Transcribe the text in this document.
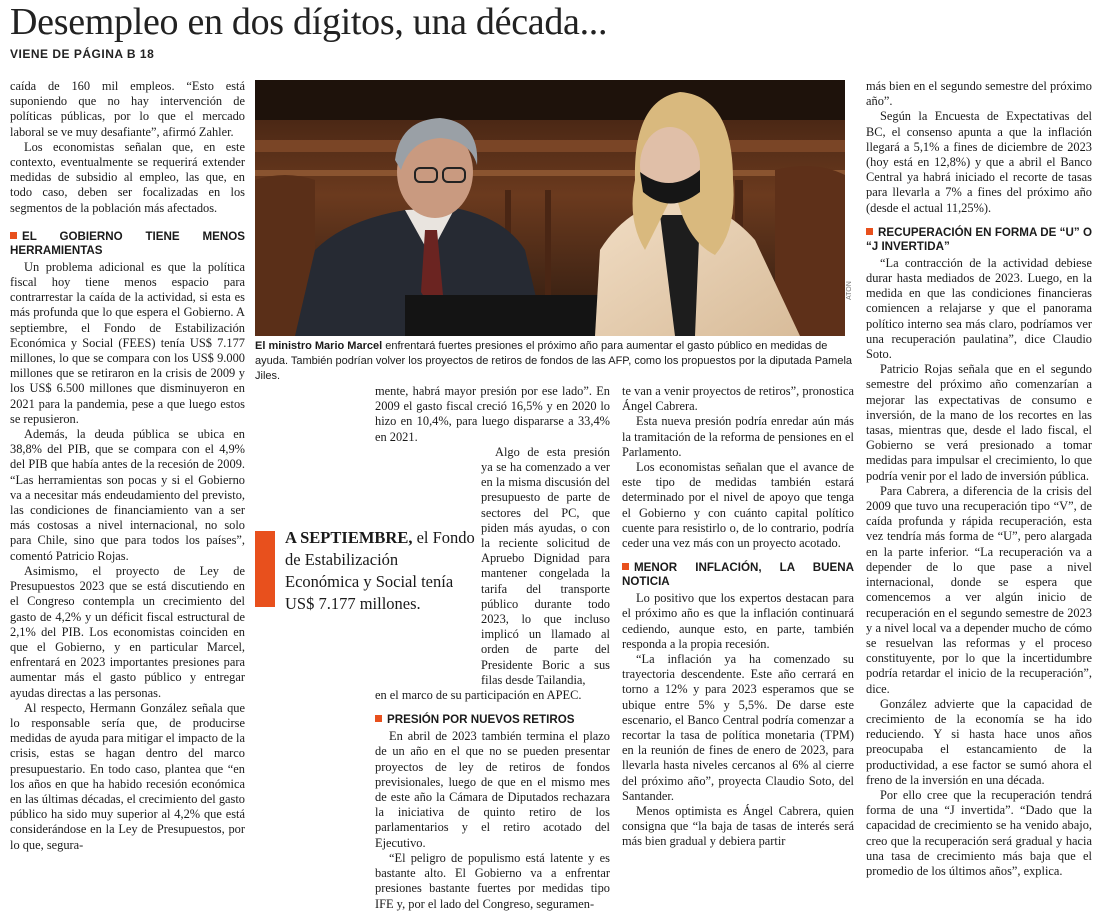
Desempleo en dos dígitos, una década...
VIENE DE PÁGINA B 18

caída de 160 mil empleos. “Esto está suponiendo que no hay intervención de políticas públicas, por lo que el mercado laboral se ve muy desafiante”, afirmó Zahler.

Los economistas señalan que, en este contexto, eventualmente se requerirá extender medidas de subsidio al empleo, las que, en todo caso, deben ser focalizadas en los segmentos de la población más afectados.

EL GOBIERNO TIENE MENOS HERRAMIENTAS

Un problema adicional es que la política fiscal hoy tiene menos espacio para contrarrestar la caída de la actividad, si esta es más profunda que lo que espera el Gobierno. A septiembre, el Fondo de Estabilización Económica y Social (FEES) tenía US$ 7.177 millones, lo que se compara con los US$ 9.000 millones que se retiraron en la crisis de 2009 y los US$ 6.500 millones que disminuyeron en 2021 para la pandemia, pese a que luego estos se repusieron.

Además, la deuda pública se ubica en 38,8% del PIB, que se compara con el 4,9% del PIB que había antes de la recesión de 2009. “Las herramientas son pocas y si el Gobierno va a necesitar más endeudamiento del previsto, las condiciones de financiamiento van a ser más costosas a nivel internacional, no solo para Chile, sino que para todos los países”, comentó Patricio Rojas.

Asimismo, el proyecto de Ley de Presupuestos 2023 que se está discutiendo en el Congreso contempla un crecimiento del gasto de 4,2% y un déficit fiscal estructural de 2,1% del PIB. Los economistas coinciden en que el Gobierno, y en particular Marcel, enfrentará en 2023 importantes presiones para aumentar más el gasto público y entregar ayudas directas a las personas.

Al respecto, Hermann González señala que lo responsable sería que, de producirse medidas de ayuda para mitigar el impacto de la crisis, estas se hagan dentro del marco presupuestario. En todo caso, plantea que “en los años en que ha habido recesión económica en las últimas décadas, el crecimiento del gasto público ha sido muy superior al 4,2% que está considerándose en la Ley de Presupuestos, por lo que, segura-

ATON
El ministro Mario Marcel enfrentará fuertes presiones el próximo año para aumentar el gasto público en medidas de ayuda. También podrían volver los proyectos de retiros de fondos de las AFP, como los propuestos por la diputada Pamela Jiles.
A SEPTIEMBRE, el Fondo de Estabilización Económica y Social tenía US$ 7.177 millones.

mente, habrá mayor presión por ese lado”. En 2009 el gasto fiscal creció 16,5% y en 2020 lo hizo en 10,4%, para luego dispararse a 33,4% en 2021.

Algo de esta presión ya se ha comenzado a ver en la misma discusión del presupuesto de parte de sectores del PC, que piden más ayudas, o con la reciente solicitud de Apruebo Dignidad para mantener congelada la tarifa del transporte público durante todo 2023, lo que incluso implicó un llamado al orden de parte del Presidente Boric a sus filas desde Tailandia,

en el marco de su participación en APEC.

PRESIÓN POR NUEVOS RETIROS

En abril de 2023 también termina el plazo de un año en el que no se pueden presentar proyectos de ley de retiros de fondos previsionales, luego de que en el mismo mes de este año la Cámara de Diputados rechazara la iniciativa de quinto retiro de los parlamentarios y el retiro acotado del Ejecutivo.

“El peligro de populismo está latente y es bastante alto. El Gobierno va a enfrentar presiones bastante fuertes por medidas tipo IFE y, por el lado del Congreso, seguramen-

te van a venir proyectos de retiros”, pronostica Ángel Cabrera.

Esta nueva presión podría enredar aún más la tramitación de la reforma de pensiones en el Parlamento.

Los economistas señalan que el avance de este tipo de medidas también estará determinado por el nivel de apoyo que tenga el Gobierno y con cuánto capital político cuente para resistirlo o, de lo contrario, podría ceder una vez más con un proyecto acotado.

MENOR INFLACIÓN, LA BUENA NOTICIA

Lo positivo que los expertos destacan para el próximo año es que la inflación continuará cediendo, aunque esto, en parte, también responda a la propia recesión.

“La inflación ya ha comenzado su trayectoria descendente. Este año cerrará en torno a 12% y para 2023 esperamos que se ubique entre 5% y 5,5%. De darse este escenario, el Banco Central podría comenzar a recortar la tasa de política monetaria (TPM) en la reunión de fines de enero de 2023, para llevarla hasta niveles cercanos al 6% al cierre del próximo año”, proyecta Claudio Soto, del Santander.

Menos optimista es Ángel Cabrera, quien consigna que “la baja de tasas de interés será más bien gradual y debiera partir

más bien en el segundo semestre del próximo año”.

Según la Encuesta de Expectativas del BC, el consenso apunta a que la inflación llegará a 5,1% a fines de diciembre de 2023 (hoy está en 12,8%) y que a abril el Banco Central ya habrá iniciado el recorte de tasas para llevarla a 7% a fines del próximo año (desde el actual 11,25%).

RECUPERACIÓN EN FORMA DE “U” O “J INVERTIDA”

“La contracción de la actividad debiese durar hasta mediados de 2023. Luego, en la medida en que las condiciones financieras comiencen a relajarse y que el panorama político interno sea más claro, podríamos ver una recuperación paulatina”, dice Claudio Soto.

Patricio Rojas señala que en el segundo semestre del próximo año comenzarían a mejorar las expectativas de consumo e inversión, de la mano de los recortes en las tasas, mientras que, desde el lado fiscal, el Gobierno se verá presionado a tomar medidas para impulsar el crecimiento, lo que podría venir por el lado de inversión pública.

Para Cabrera, a diferencia de la crisis del 2009 que tuvo una recuperación tipo “V”, de caída profunda y rápida recuperación, esta vez tendría más forma de “U”, pero alargada en la parte inferior. “La recuperación va a depender de lo que pase a nivel internacional, donde se espera que comencemos a ver algún inicio de recuperación en el segundo semestre de 2023 y a nivel local va a depender mucho de cómo se resuelvan las reformas y el proceso constituyente, por lo que la incertidumbre podría retardar el inicio de la recuperación”, dice.

González advierte que la capacidad de crecimiento de la economía se ha ido reduciendo. Y si hasta hace unos años preocupaba el estancamiento de la productividad, a ese factor se sumó ahora el freno de la inversión en una década.

Por ello cree que la recuperación tendrá forma de una “J invertida”. “Dado que la capacidad de crecimiento se ha venido abajo, creo que la recuperación será gradual y hacia una tasa de crecimiento más baja que el promedio de los últimos años”, explica.
